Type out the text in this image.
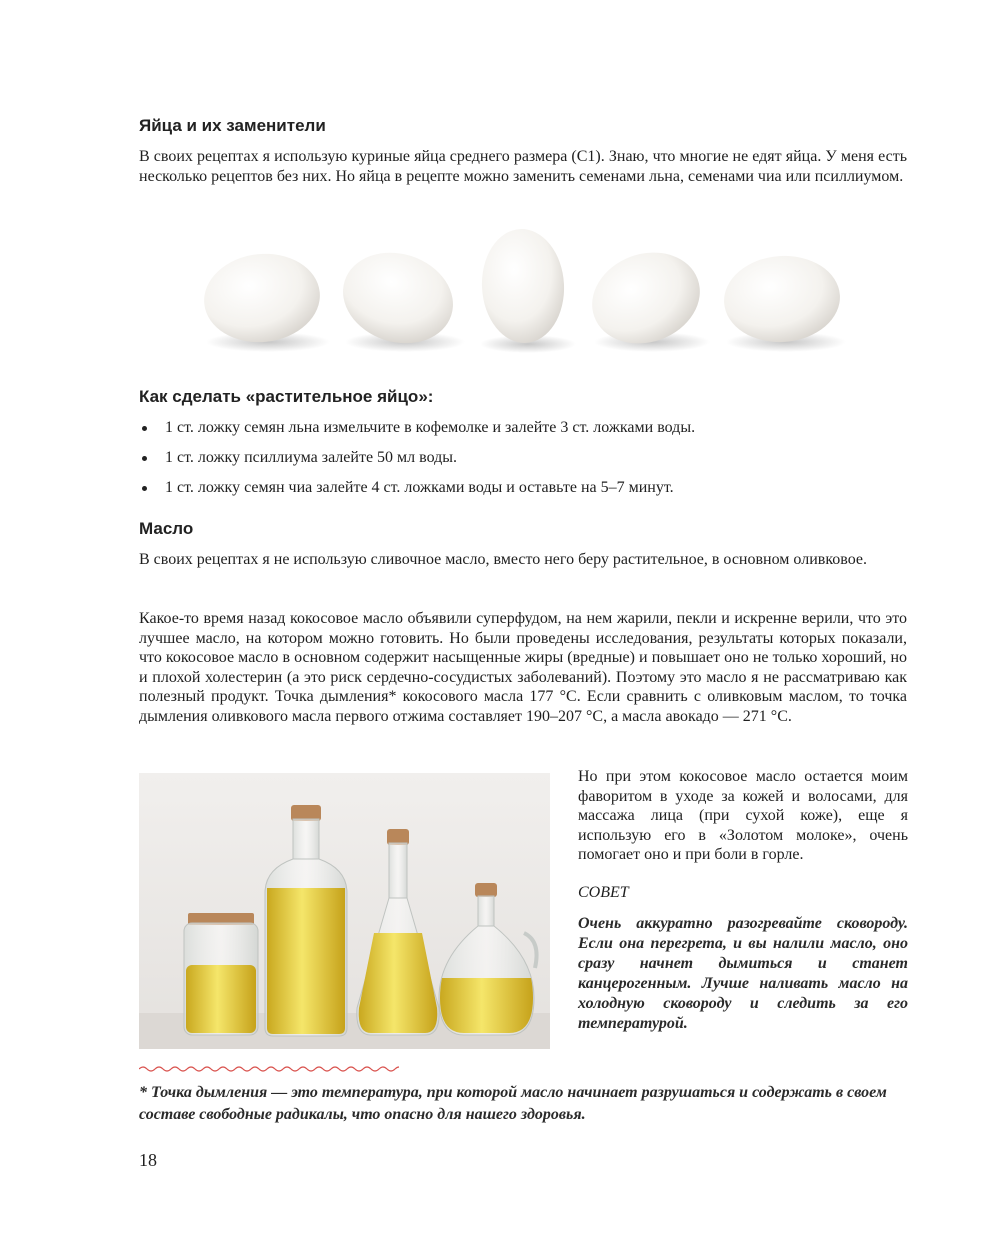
Яйца и их заменители

В своих рецептах я использую куриные яйца среднего размера (С1). Знаю, что многие не едят яйца. У меня есть несколько рецептов без них. Но яйца в рецепте можно заменить семенами льна, семенами чиа или псиллиумом.

Как сделать «растительное яйцо»:
1 ст. ложку семян льна измельчите в кофемолке и залейте 3 ст. ложками воды.
1 ст. ложку псиллиума залейте 50 мл воды.
1 ст. ложку семян чиа залейте 4 ст. ложками воды и оставьте на 5–7 минут.
Масло

В своих рецептах я не использую сливочное масло, вместо него беру растительное, в основном оливковое.

Какое-то время назад кокосовое масло объявили суперфудом, на нем жарили, пекли и искренне верили, что это лучшее масло, на котором можно готовить. Но были проведены исследования, результаты которых показали, что кокосовое масло в основном содержит насыщенные жиры (вредные) и повышает оно не только хороший, но и плохой холестерин (а это риск сердечно-сосудистых заболеваний). Поэтому это масло я не рассматриваю как полезный продукт. Точка дымления* кокосового масла 177 °С. Если сравнить с оливковым маслом, то точка дымления оливкового масла первого отжима составляет 190–207 °С, а масла авокадо — 271 °С.

Но при этом кокосовое масло остается моим фаворитом в уходе за кожей и волосами, для массажа лица (при сухой коже), еще я использую его в «Золотом молоке», очень помогает оно и при боли в горле.

СОВЕТ

Очень аккуратно разогревайте сковороду. Если она перегрета, и вы налили масло, оно сразу начнет дымиться и станет канцерогенным. Лучше наливать масло на холодную сковороду и следить за его температурой.

* Точка дымления — это температура, при которой масло начинает разрушаться и содержать в своем составе свободные радикалы, что опасно для нашего здоровья.

18
